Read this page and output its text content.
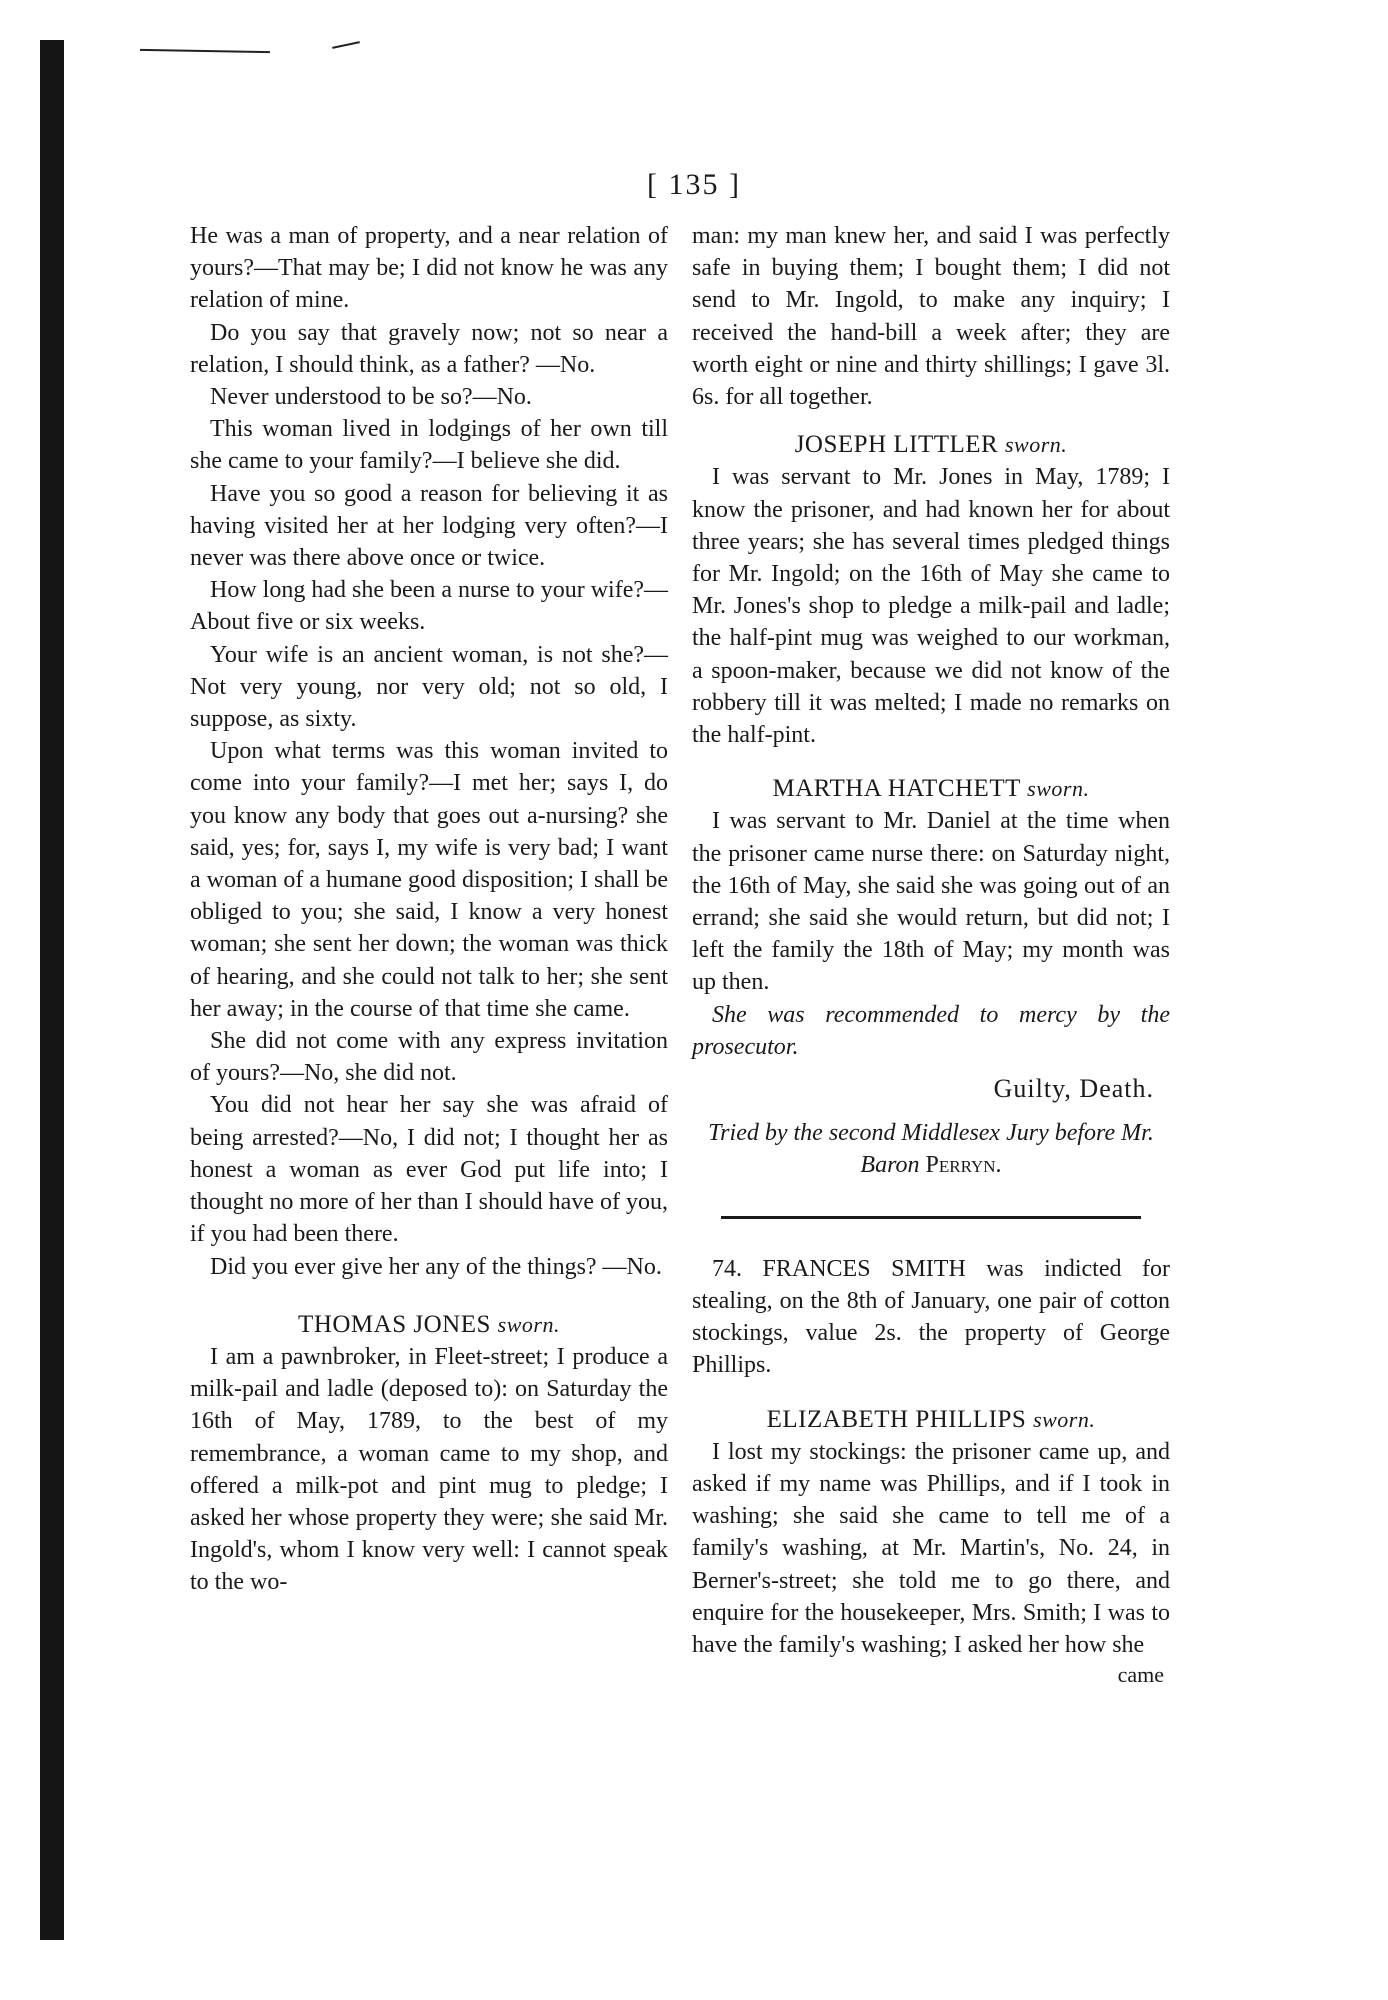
[ 135 ]

He was a man of property, and a near relation of yours?—That may be; I did not know he was any relation of mine.

Do you say that gravely now; not so near a relation, I should think, as a father? —No.

Never understood to be so?—No.

This woman lived in lodgings of her own till she came to your family?—I believe she did.

Have you so good a reason for believing it as having visited her at her lodging very often?—I never was there above once or twice.

How long had she been a nurse to your wife?—About five or six weeks.

Your wife is an ancient woman, is not she?—Not very young, nor very old; not so old, I suppose, as sixty.

Upon what terms was this woman invited to come into your family?—I met her; says I, do you know any body that goes out a-nursing? she said, yes; for, says I, my wife is very bad; I want a woman of a humane good disposition; I shall be obliged to you; she said, I know a very honest woman; she sent her down; the woman was thick of hearing, and she could not talk to her; she sent her away; in the course of that time she came.

She did not come with any express invitation of yours?—No, she did not.

You did not hear her say she was afraid of being arrested?—No, I did not; I thought her as honest a woman as ever God put life into; I thought no more of her than I should have of you, if you had been there.

Did you ever give her any of the things? —No.

THOMAS JONES sworn.

I am a pawnbroker, in Fleet-street; I produce a milk-pail and ladle (deposed to): on Saturday the 16th of May, 1789, to the best of my remembrance, a woman came to my shop, and offered a milk-pot and pint mug to pledge; I asked her whose property they were; she said Mr. Ingold's, whom I know very well: I cannot speak to the wo-

man: my man knew her, and said I was perfectly safe in buying them; I bought them; I did not send to Mr. Ingold, to make any inquiry; I received the hand-bill a week after; they are worth eight or nine and thirty shillings; I gave 3l. 6s. for all together.

JOSEPH LITTLER sworn.

I was servant to Mr. Jones in May, 1789; I know the prisoner, and had known her for about three years; she has several times pledged things for Mr. Ingold; on the 16th of May she came to Mr. Jones's shop to pledge a milk-pail and ladle; the half-pint mug was weighed to our workman, a spoon-maker, because we did not know of the robbery till it was melted; I made no remarks on the half-pint.

MARTHA HATCHETT sworn.

I was servant to Mr. Daniel at the time when the prisoner came nurse there: on Saturday night, the 16th of May, she said she was going out of an errand; she said she would return, but did not; I left the family the 18th of May; my month was up then.

She was recommended to mercy by the prosecutor.

Guilty, Death.
Tried by the second Middlesex Jury before Mr. Baron Perryn.

74. FRANCES SMITH was indicted for stealing, on the 8th of January, one pair of cotton stockings, value 2s. the property of George Phillips.

ELIZABETH PHILLIPS sworn.

I lost my stockings: the prisoner came up, and asked if my name was Phillips, and if I took in washing; she said she came to tell me of a family's washing, at Mr. Martin's, No. 24, in Berner's-street; she told me to go there, and enquire for the housekeeper, Mrs. Smith; I was to have the family's washing; I asked her how she

came
